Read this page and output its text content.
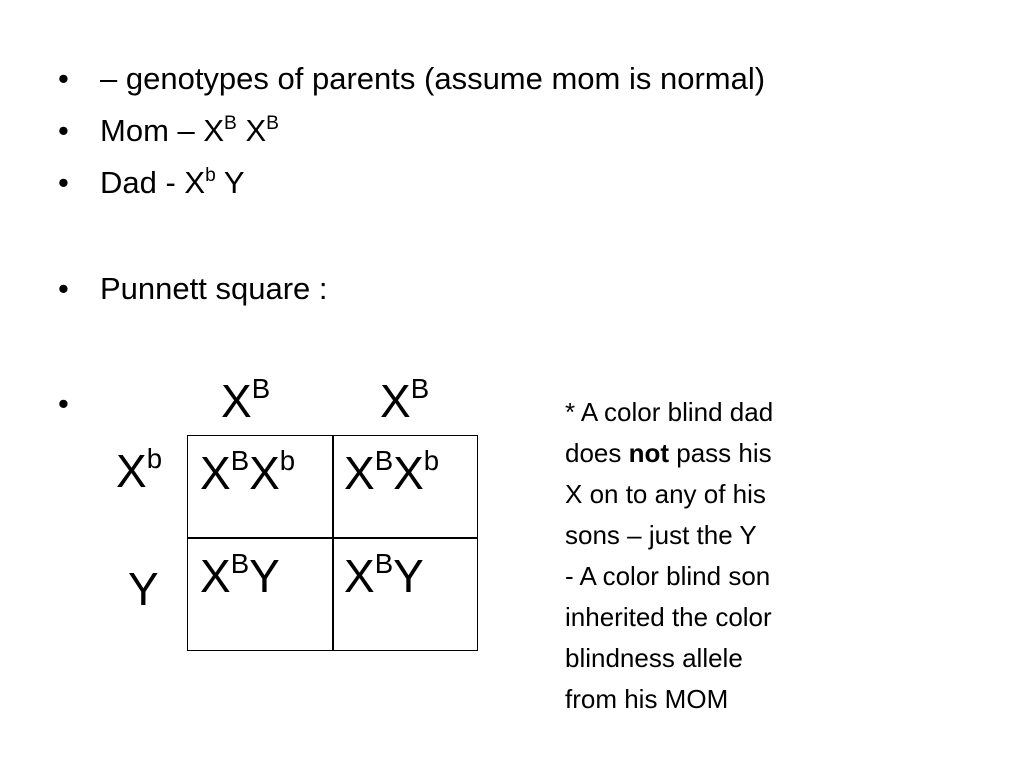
• – genotypes of parents (assume mom is normal)
• Mom – $X^B$ $X^B$
• Dad - $X^b$ Y
• Punnett square :
•	$X^B$ $X^B$
$X^b$
Y
$X^BX^b$ $X^BX^b$
$X^BY$ $X^BY$
* A color blind dad
does not pass his
X on to any of his
sons – just the Y
- A color blind son
inherited the color
blindness allele
from his MOM
